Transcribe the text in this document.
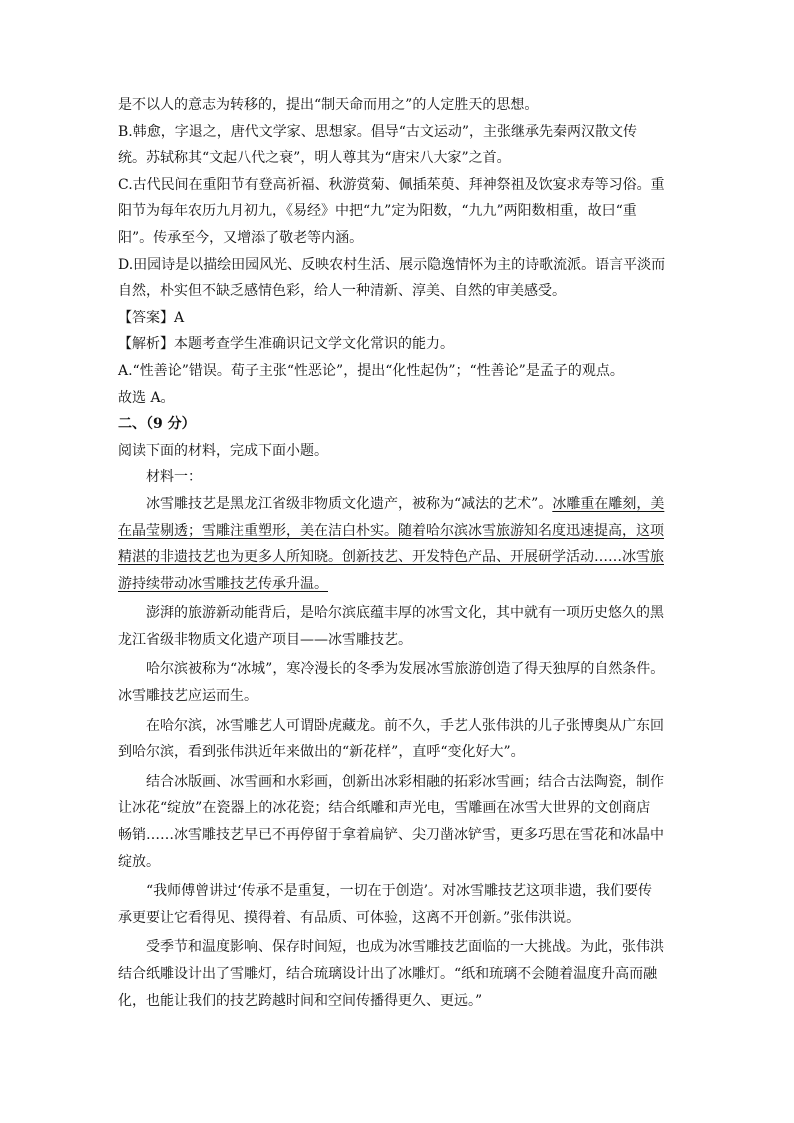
是不以人的意志为转移的，提出“制天命而用之”的人定胜天的思想。
B.韩愈，字退之，唐代文学家、思想家。倡导“古文运动”，主张继承先秦两汉散文传
统。苏轼称其“文起八代之衰”，明人尊其为“唐宋八大家”之首。
C.古代民间在重阳节有登高祈福、秋游赏菊、佩插茱萸、拜神祭祖及饮宴求寿等习俗。重
阳节为每年农历九月初九，《易经》中把“九”定为阳数，“九九”两阳数相重，故曰“重
阳”。传承至今，又增添了敬老等内涵。
D.田园诗是以描绘田园风光、反映农村生活、展示隐逸情怀为主的诗歌流派。语言平淡而
自然，朴实但不缺乏感情色彩，给人一种清新、淳美、自然的审美感受。
【答案】A
【解析】本题考查学生准确识记文学文化常识的能力。
A.“性善论”错误。荀子主张“性恶论”，提出“化性起伪”；“性善论”是孟子的观点。
故选 A。
二、（9 分）
阅读下面的材料，完成下面小题。
材料一：
冰雪雕技艺是黑龙江省级非物质文化遗产，被称为“减法的艺术”。冰雕重在雕刻，美
在晶莹剔透；雪雕注重塑形，美在洁白朴实。随着哈尔滨冰雪旅游知名度迅速提高，这项
精湛的非遗技艺也为更多人所知晓。创新技艺、开发特色产品、开展研学活动……冰雪旅
游持续带动冰雪雕技艺传承升温。
澎湃的旅游新动能背后，是哈尔滨底蕴丰厚的冰雪文化，其中就有一项历史悠久的黑
龙江省级非物质文化遗产项目——冰雪雕技艺。
哈尔滨被称为“冰城”，寒冷漫长的冬季为发展冰雪旅游创造了得天独厚的自然条件。
冰雪雕技艺应运而生。
在哈尔滨，冰雪雕艺人可谓卧虎藏龙。前不久，手艺人张伟洪的儿子张博奥从广东回
到哈尔滨，看到张伟洪近年来做出的“新花样”，直呼“变化好大”。
结合冰版画、冰雪画和水彩画，创新出冰彩相融的拓彩冰雪画；结合古法陶瓷，制作
让冰花“绽放”在瓷器上的冰花瓷；结合纸雕和声光电，雪雕画在冰雪大世界的文创商店
畅销……冰雪雕技艺早已不再停留于拿着扁铲、尖刀凿冰铲雪，更多巧思在雪花和冰晶中
绽放。
“我师傅曾讲过‘传承不是重复，一切在于创造’。对冰雪雕技艺这项非遗，我们要传
承更要让它看得见、摸得着、有品质、可体验，这离不开创新。”张伟洪说。
受季节和温度影响、保存时间短，也成为冰雪雕技艺面临的一大挑战。为此，张伟洪
结合纸雕设计出了雪雕灯，结合琉璃设计出了冰雕灯。“纸和琉璃不会随着温度升高而融
化，也能让我们的技艺跨越时间和空间传播得更久、更远。”
